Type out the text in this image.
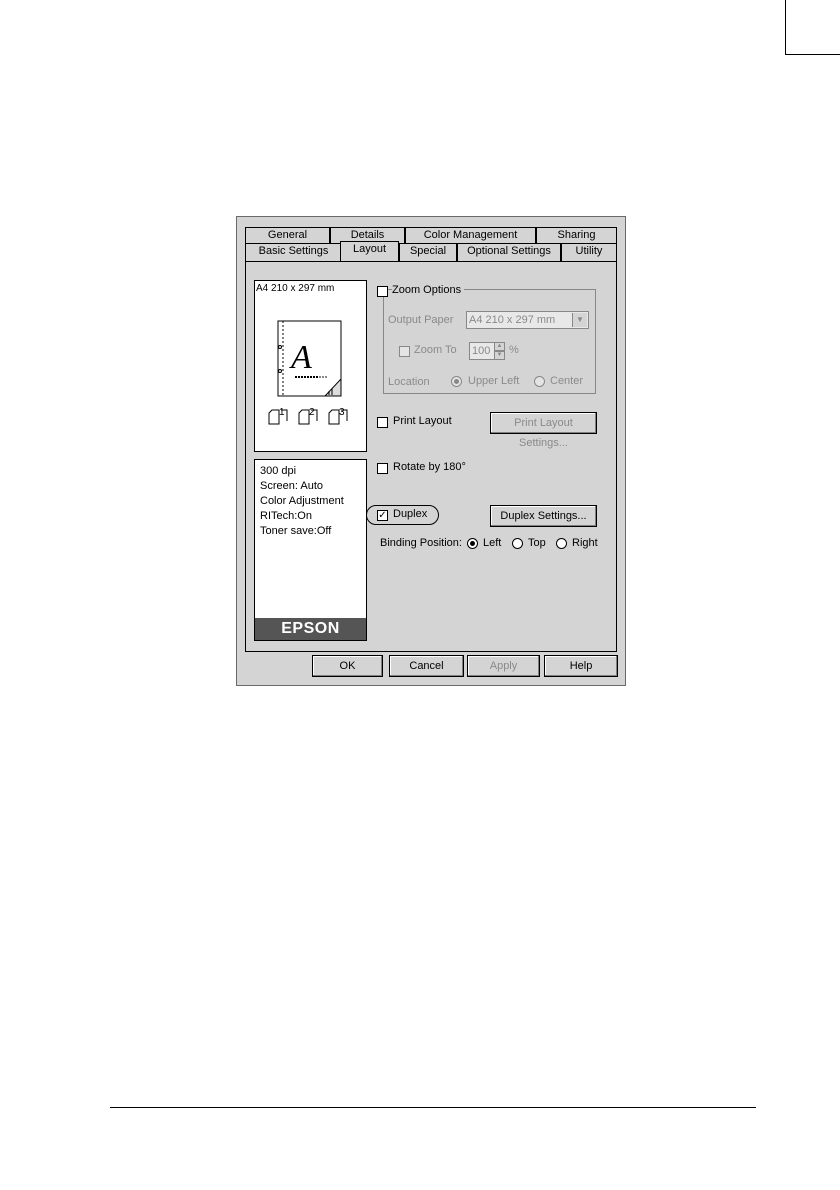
General	Details	Color Management	Sharing
Basic Settings	Layout	Special	Optional Settings	Utility
A4 210 x 297 mm
A
1 2 3
300 dpi
Screen: Auto
Color Adjustment
RITech:On
Toner save:Off
EPSON
Zoom Options
Output Paper A4 210 x 297 mm	▼
Zoom To 100	▲
▼ %
Location	Upper Left	Center
Print Layout	Print Layout Settings...
Rotate by 180°
✓ Duplex	Duplex Settings...
Binding Position: Left Top Right
OK	Cancel	Apply	Help
